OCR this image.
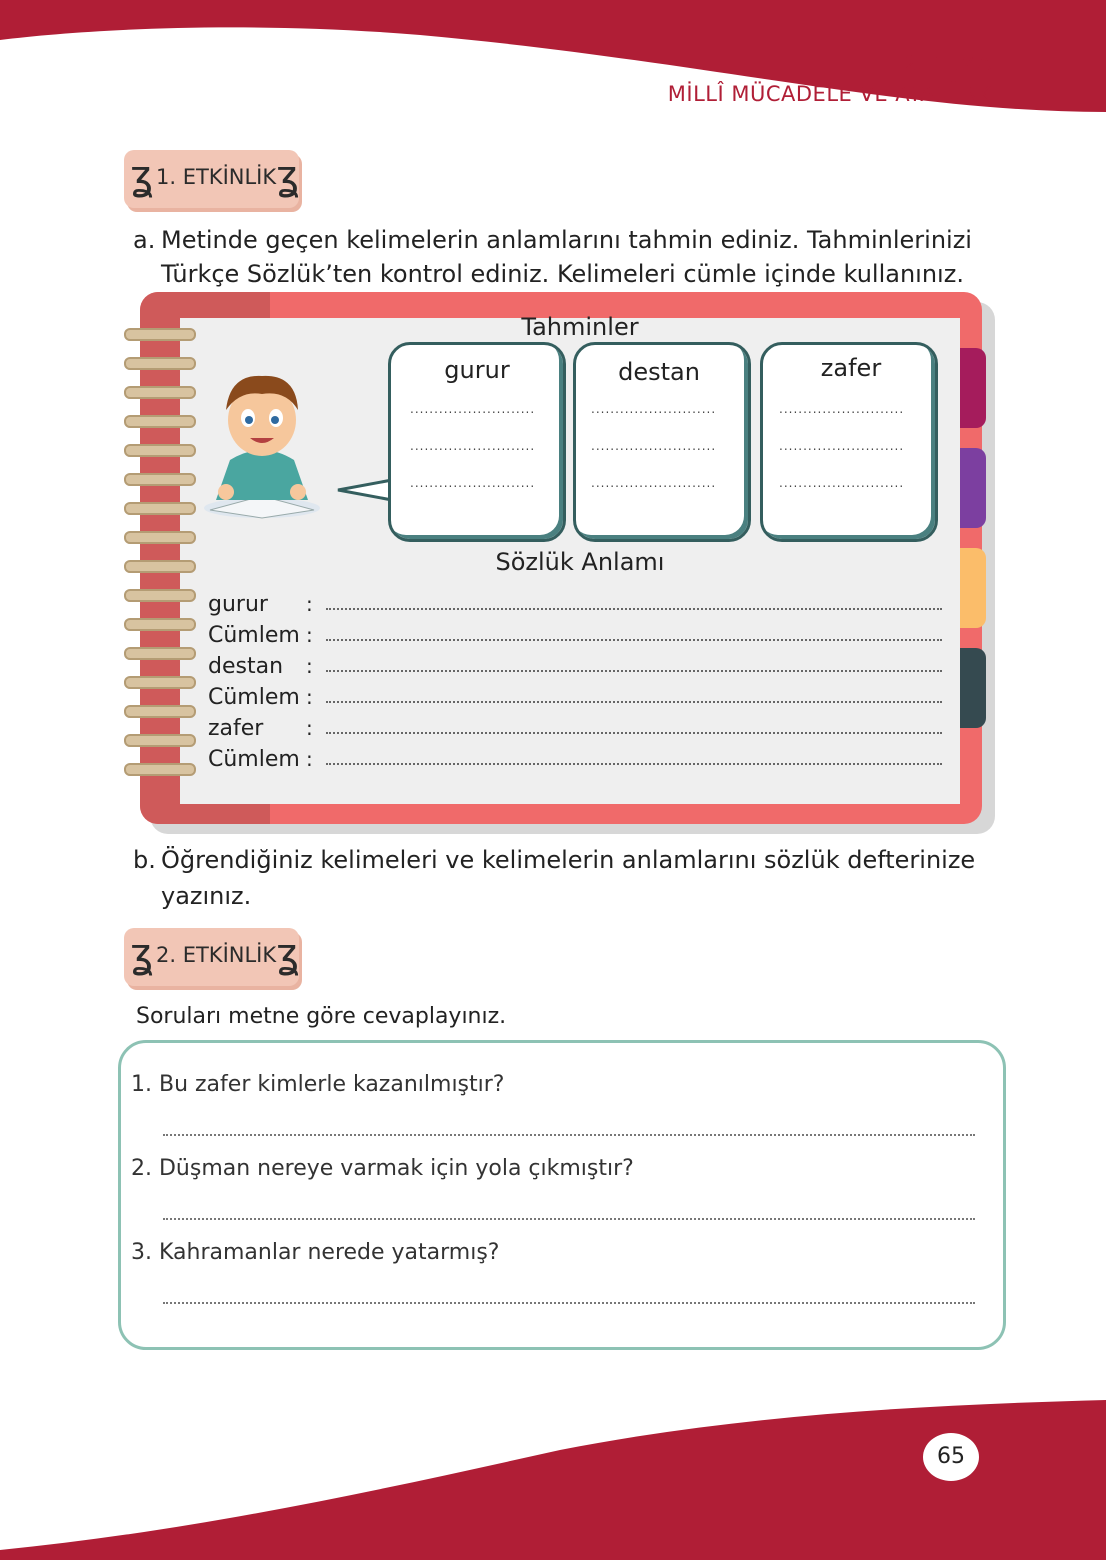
2. TEMA
MİLLÎ MÜCADELE VE ATATÜRK
ʓ 1. ETKİNLİK ʓ
a. Metinde geçen kelimelerin anlamlarını tahmin ediniz. Tahminlerinizi
Türkçe Sözlük’ten kontrol ediniz. Kelimeleri cümle içinde kullanınız.
Tahminler
gurur	destan	zafer
..........................
..........................
..........................
..........................
..........................
..........................
..........................
..........................
..........................
Sözlük Anlamı
gurur :
Cümlem :
destan :
Cümlem :
zafer :
Cümlem :
b. Öğrendiğiniz kelimeleri ve kelimelerin anlamlarını sözlük defterinize
yazınız.
ʓ 2. ETKİNLİK ʓ
Soruları metne göre cevaplayınız.
1. Bu zafer kimlerle kazanılmıştır?
2. Düşman nereye varmak için yola çıkmıştır?
3. Kahramanlar nerede yatarmış?
65
